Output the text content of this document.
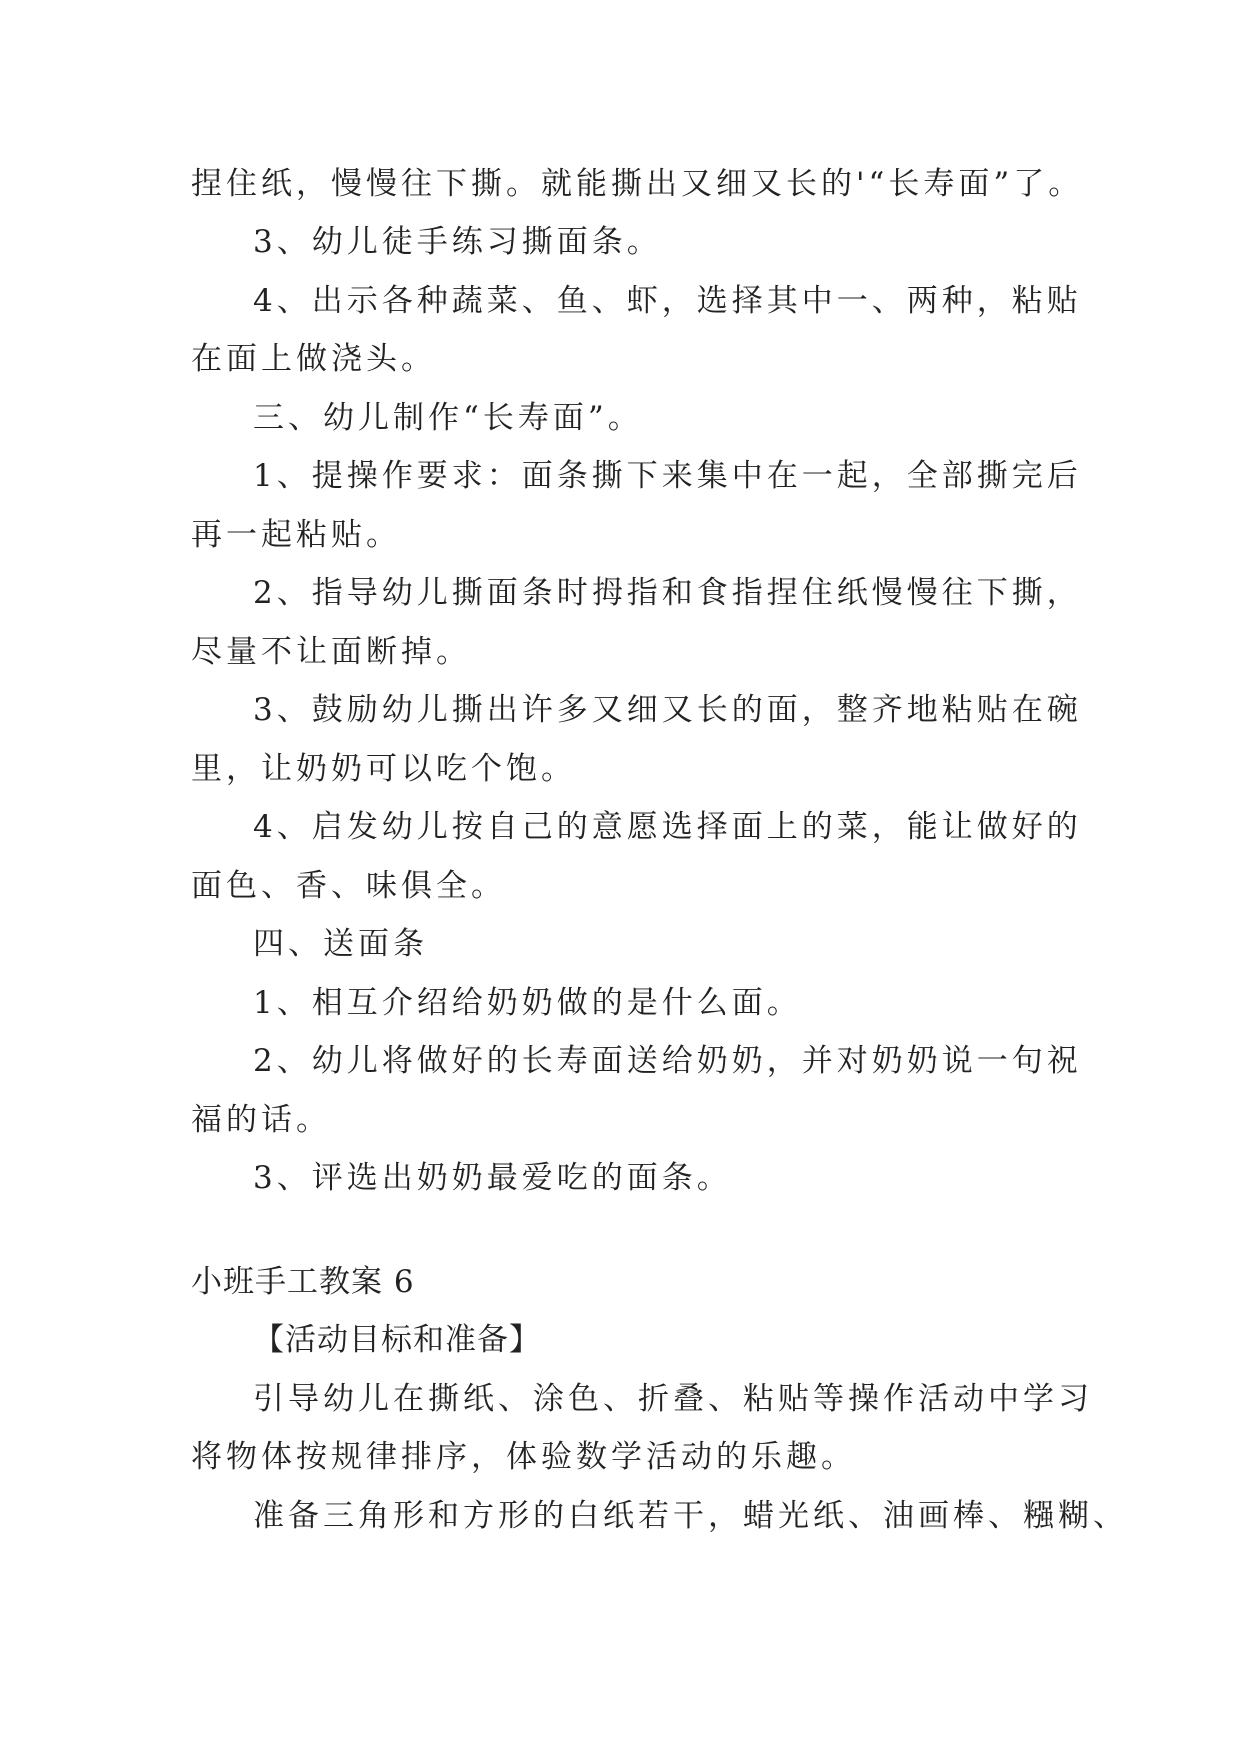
捏住纸，慢慢往下撕。就能撕出又细又长的'“长寿面”了。
3、幼儿徒手练习撕面条。
4、出示各种蔬菜、鱼、虾，选择其中一、两种，粘贴
在面上做浇头。
三、幼儿制作“长寿面”。
1、提操作要求：面条撕下来集中在一起，全部撕完后
再一起粘贴。
2、指导幼儿撕面条时拇指和食指捏住纸慢慢往下撕，
尽量不让面断掉。
3、鼓励幼儿撕出许多又细又长的面，整齐地粘贴在碗
里，让奶奶可以吃个饱。
4、启发幼儿按自己的意愿选择面上的菜，能让做好的
面色、香、味俱全。
四、送面条
1、相互介绍给奶奶做的是什么面。
2、幼儿将做好的长寿面送给奶奶，并对奶奶说一句祝
福的话。
3、评选出奶奶最爱吃的面条。
小班手工教案 6
【活动目标和准备】
引导幼儿在撕纸、涂色、折叠、粘贴等操作活动中学习
将物体按规律排序，体验数学活动的乐趣。
准备三角形和方形的白纸若干，蜡光纸、油画棒、糨糊、
